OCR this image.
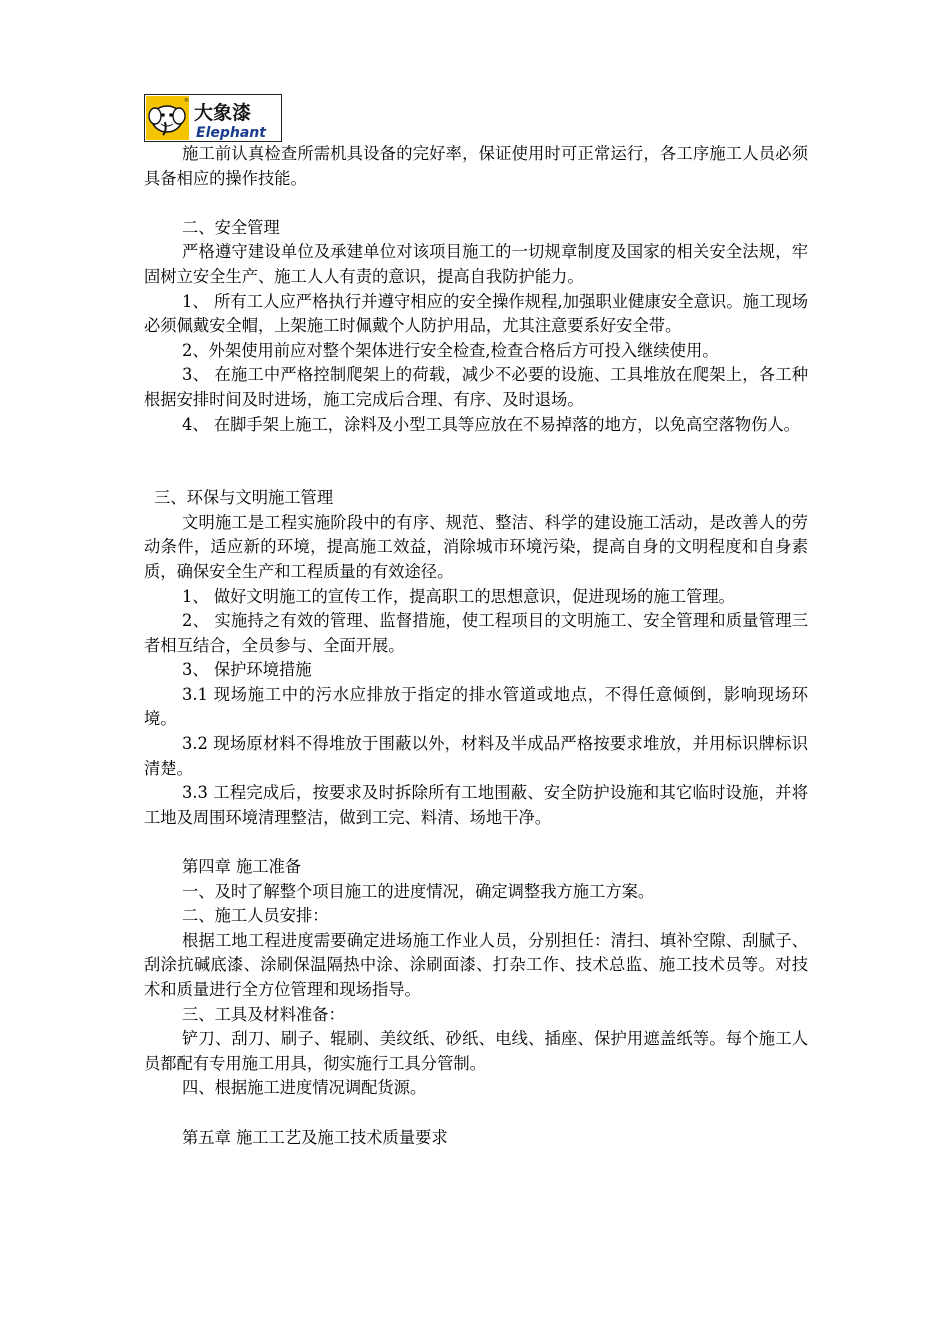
®
大象漆
Elephant

施工前认真检查所需机具设备的完好率，保证使用时可正常运行，各工序施工人员必须具备相应的操作技能。

二、安全管理

严格遵守建设单位及承建单位对该项目施工的一切规章制度及国家的相关安全法规，牢固树立安全生产、施工人人有责的意识，提高自我防护能力。

1、 所有工人应严格执行并遵守相应的安全操作规程,加强职业健康安全意识。施工现场必须佩戴安全帽，上架施工时佩戴个人防护用品，尤其注意要系好安全带。

2、外架使用前应对整个架体进行安全检查,检查合格后方可投入继续使用。

3、 在施工中严格控制爬架上的荷载，减少不必要的设施、工具堆放在爬架上，各工种根据安排时间及时进场，施工完成后合理、有序、及时退场。

4、 在脚手架上施工，涂料及小型工具等应放在不易掉落的地方，以免高空落物伤人。

三、环保与文明施工管理

文明施工是工程实施阶段中的有序、规范、整洁、科学的建设施工活动，是改善人的劳动条件，适应新的环境，提高施工效益，消除城市环境污染，提高自身的文明程度和自身素质，确保安全生产和工程质量的有效途径。

1、 做好文明施工的宣传工作，提高职工的思想意识，促进现场的施工管理。

2、 实施持之有效的管理、监督措施，使工程项目的文明施工、安全管理和质量管理三者相互结合，全员参与、全面开展。

3、 保护环境措施

3.1 现场施工中的污水应排放于指定的排水管道或地点，不得任意倾倒，影响现场环境。

3.2 现场原材料不得堆放于围蔽以外，材料及半成品严格按要求堆放，并用标识牌标识清楚。

3.3 工程完成后，按要求及时拆除所有工地围蔽、安全防护设施和其它临时设施，并将工地及周围环境清理整洁，做到工完、料清、场地干净。

第四章 施工准备

一、及时了解整个项目施工的进度情况，确定调整我方施工方案。

二、施工人员安排：

根据工地工程进度需要确定进场施工作业人员，分别担任：清扫、填补空隙、刮腻子、刮涂抗碱底漆、涂刷保温隔热中涂、涂刷面漆、打杂工作、技术总监、施工技术员等。对技术和质量进行全方位管理和现场指导。

三、工具及材料准备：

铲刀、刮刀、刷子、辊刷、美纹纸、砂纸、电线、插座、保护用遮盖纸等。每个施工人员都配有专用施工用具，彻实施行工具分管制。

四、根据施工进度情况调配货源。

第五章 施工工艺及施工技术质量要求
